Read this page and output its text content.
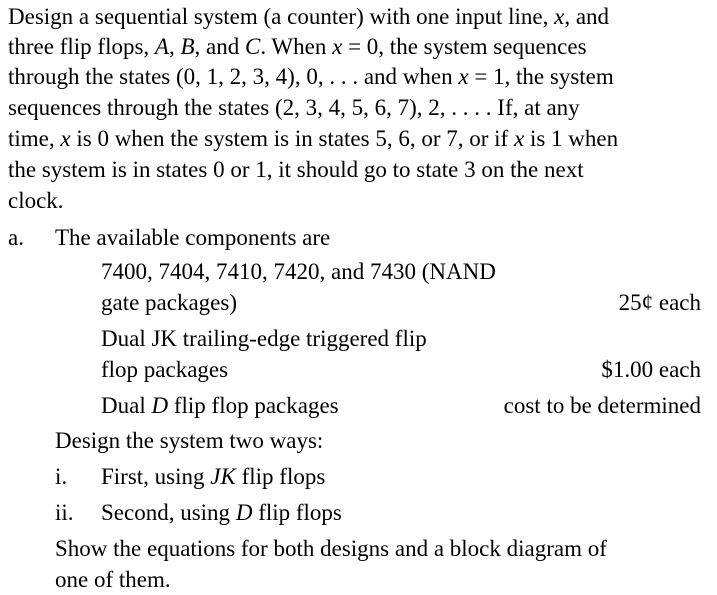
Design a sequential system (a counter) with one input line, x, and
three flip flops, A, B, and C. When x = 0, the system sequences
through the states (0, 1, 2, 3, 4), 0, . . . and when x = 1, the system
sequences through the states (2, 3, 4, 5, 6, 7), 2, . . . . If, at any
time, x is 0 when the system is in states 5, 6, or 7, or if x is 1 when
the system is in states 0 or 1, it should go to state 3 on the next
clock.
a. The available components are
7400, 7404, 7410, 7420, and 7430 (NAND
gate packages)	25¢ each
Dual JK trailing-edge triggered flip
flop packages	$1.00 each
Dual D flip flop packages	cost to be determined
Design the system two ways:
i. First, using JK flip flops
ii. Second, using D flip flops
Show the equations for both designs and a block diagram of
one of them.
